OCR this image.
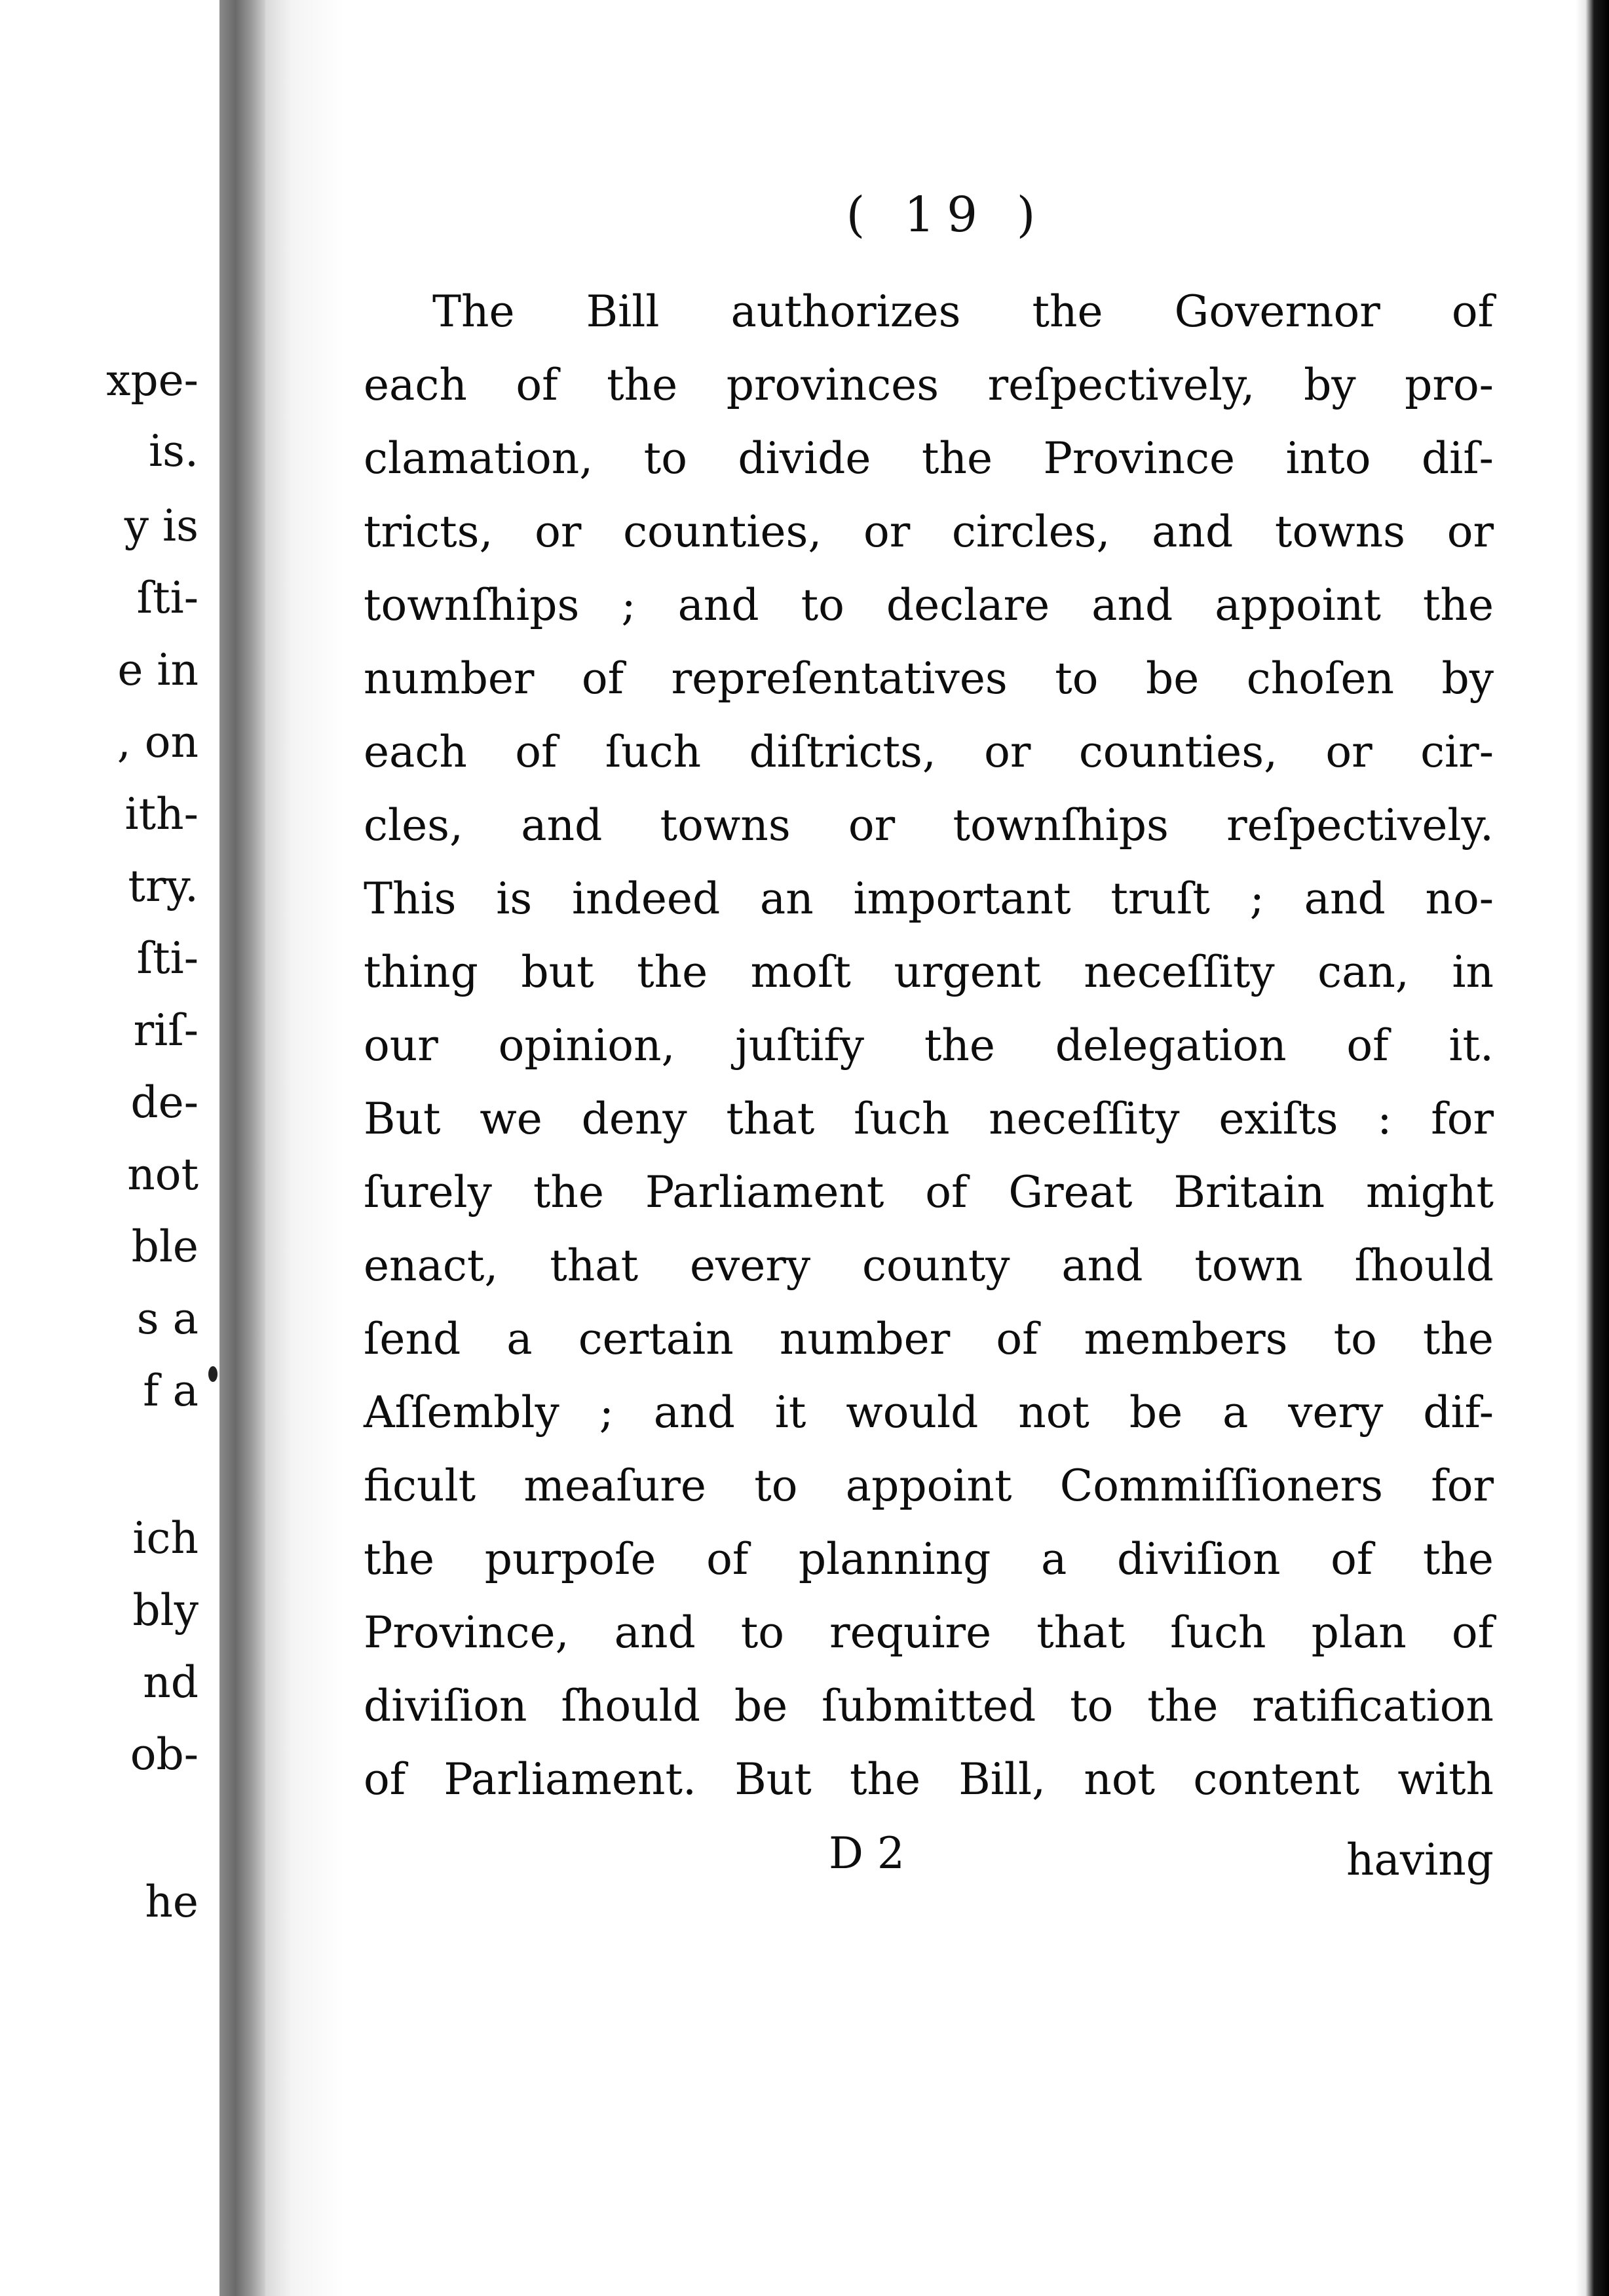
xpe-
is.
y is
ſti-
e in
, on
ith-
try.
ſti-
riſ-
de-
not
ble
s a
f a
ich
bly
nd
ob-
he
( 19 )
The Bill authorizes the Governor of
each of the provinces reſpectively, by pro-
clamation, to divide the Province into diſ-
tricts, or counties, or circles, and towns or
townſhips ; and to declare and appoint the
number of repreſentatives to be choſen by
each of ſuch diſtricts, or counties, or cir-
cles, and towns or townſhips reſpectively.
This is indeed an important truſt ; and no-
thing but the moſt urgent neceſſity can, in
our opinion, juſtify the delegation of it.
But we deny that ſuch neceſſity exiſts : for
ſurely the Parliament of Great Britain might
enact, that every county and town ſhould
ſend a certain number of members to the
Aſſembly ; and it would not be a very dif-
ficult meaſure to appoint Commiſſioners for
the purpoſe of planning a diviſion of the
Province, and to require that ſuch plan of
diviſion ſhould be ſubmitted to the ratification
of Parliament. But the Bill, not content with
D 2	having
